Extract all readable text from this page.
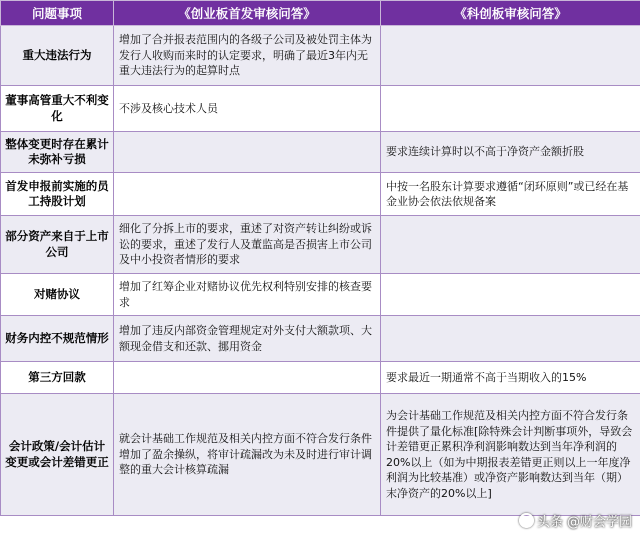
问题事项	《创业板首发审核问答》	《科创板审核问答》
重大违法行为	增加了合并报表范围内的各级子公司及被处罚主体为发行人收购而来时的认定要求，明确了最近3年内无重大违法行为的起算时点	
董事高管重大不利变化	不涉及核心技术人员	
整体变更时存在累计未弥补亏损		要求连续计算时以不高于净资产金额折股
首发申报前实施的员工持股计划		中按一名股东计算要求遵循“闭环原则”或已经在基金业协会依法依规备案
部分资产来自于上市公司	细化了分拆上市的要求，重述了对资产转让纠纷或诉讼的要求，重述了发行人及董监高是否损害上市公司及中小投资者情形的要求	
对赌协议	增加了红筹企业对赌协议优先权利特别安排的核查要求	
财务内控不规范情形	增加了违反内部资金管理规定对外支付大额款项、大额现金借支和还款、挪用资金	
第三方回款		要求最近一期通常不高于当期收入的15%
会计政策/会计估计变更或会计差错更正	就会计基础工作规范及相关内控方面不符合发行条件增加了盈余操纵，将审计疏漏改为未及时进行审计调整的重大会计核算疏漏	为会计基础工作规范及相关内控方面不符合发行条件提供了量化标准[除特殊会计判断事项外，导致会计差错更正累积净利润影响数达到当年净利润的20%以上（如为中期报表差错更正则以上一年度净利润为比较基准）或净资产影响数达到当年（期）末净资产的20%以上]
头条 @财会学园
